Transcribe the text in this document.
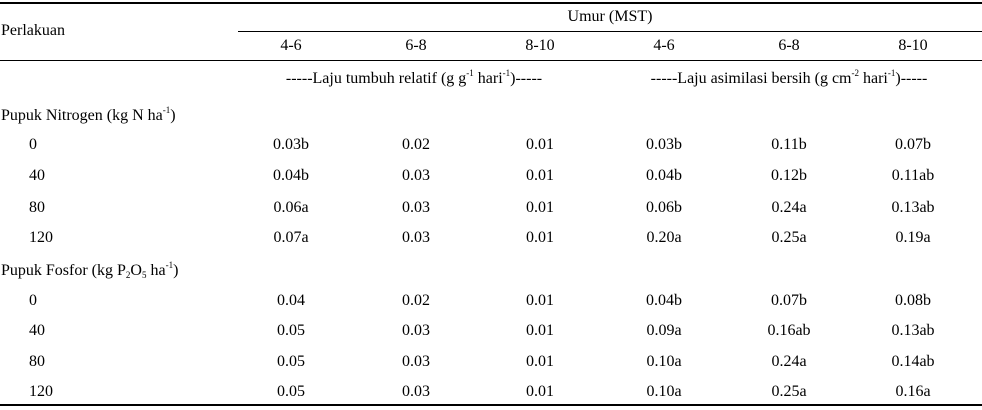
Perlakuan
Umur (MST)
4-6	6-8	8-10	4-6	6-8	8-10
-----Laju tumbuh relatif (g $g^{-1}$ hari$^{-1}$)-----	-----Laju asimilasi bersih (g $cm^{-2}$ hari$^{-1}$)-----
Pupuk Nitrogen (kg N $ha^{-1}$)
0	0.03b	0.02	0.01	0.03b	0.11b	0.07b
40	0.04b	0.03	0.01	0.04b	0.12b	0.11ab
80	0.06a	0.03	0.01	0.06b	0.24a	0.13ab
120	0.07a	0.03	0.01	0.20a	0.25a	0.19a
Pupuk Fosfor (kg $P_2O_5$ $ha^{-1}$)
0	0.04	0.02	0.01	0.04b	0.07b	0.08b
40	0.05	0.03	0.01	0.09a	0.16ab	0.13ab
80	0.05	0.03	0.01	0.10a	0.24a	0.14ab
120	0.05	0.03	0.01	0.10a	0.25a	0.16a
